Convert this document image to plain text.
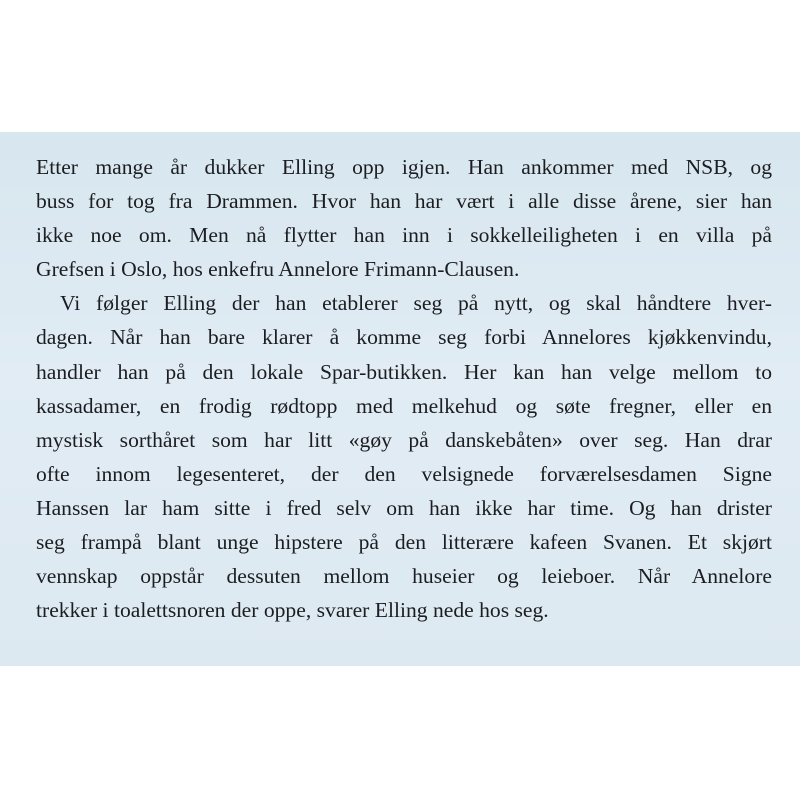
Etter mange år dukker Elling opp igjen. Han ankommer med NSB, og
buss for tog fra Drammen. Hvor han har vært i alle disse årene, sier han
ikke noe om. Men nå flytter han inn i sokkelleiligheten i en villa på
Grefsen i Oslo, hos enkefru Annelore Frimann-Clausen.
Vi følger Elling der han etablerer seg på nytt, og skal håndtere hver-
dagen. Når han bare klarer å komme seg forbi Annelores kjøkkenvindu,
handler han på den lokale Spar-butikken. Her kan han velge mellom to
kassadamer, en frodig rødtopp med melkehud og søte fregner, eller en
mystisk sorthåret som har litt «gøy på danskebåten» over seg. Han drar
ofte innom legesenteret, der den velsignede forværelsesdamen Signe
Hanssen lar ham sitte i fred selv om han ikke har time. Og han drister
seg frampå blant unge hipstere på den litterære kafeen Svanen. Et skjørt
vennskap oppstår dessuten mellom huseier og leieboer. Når Annelore
trekker i toalettsnoren der oppe, svarer Elling nede hos seg.
